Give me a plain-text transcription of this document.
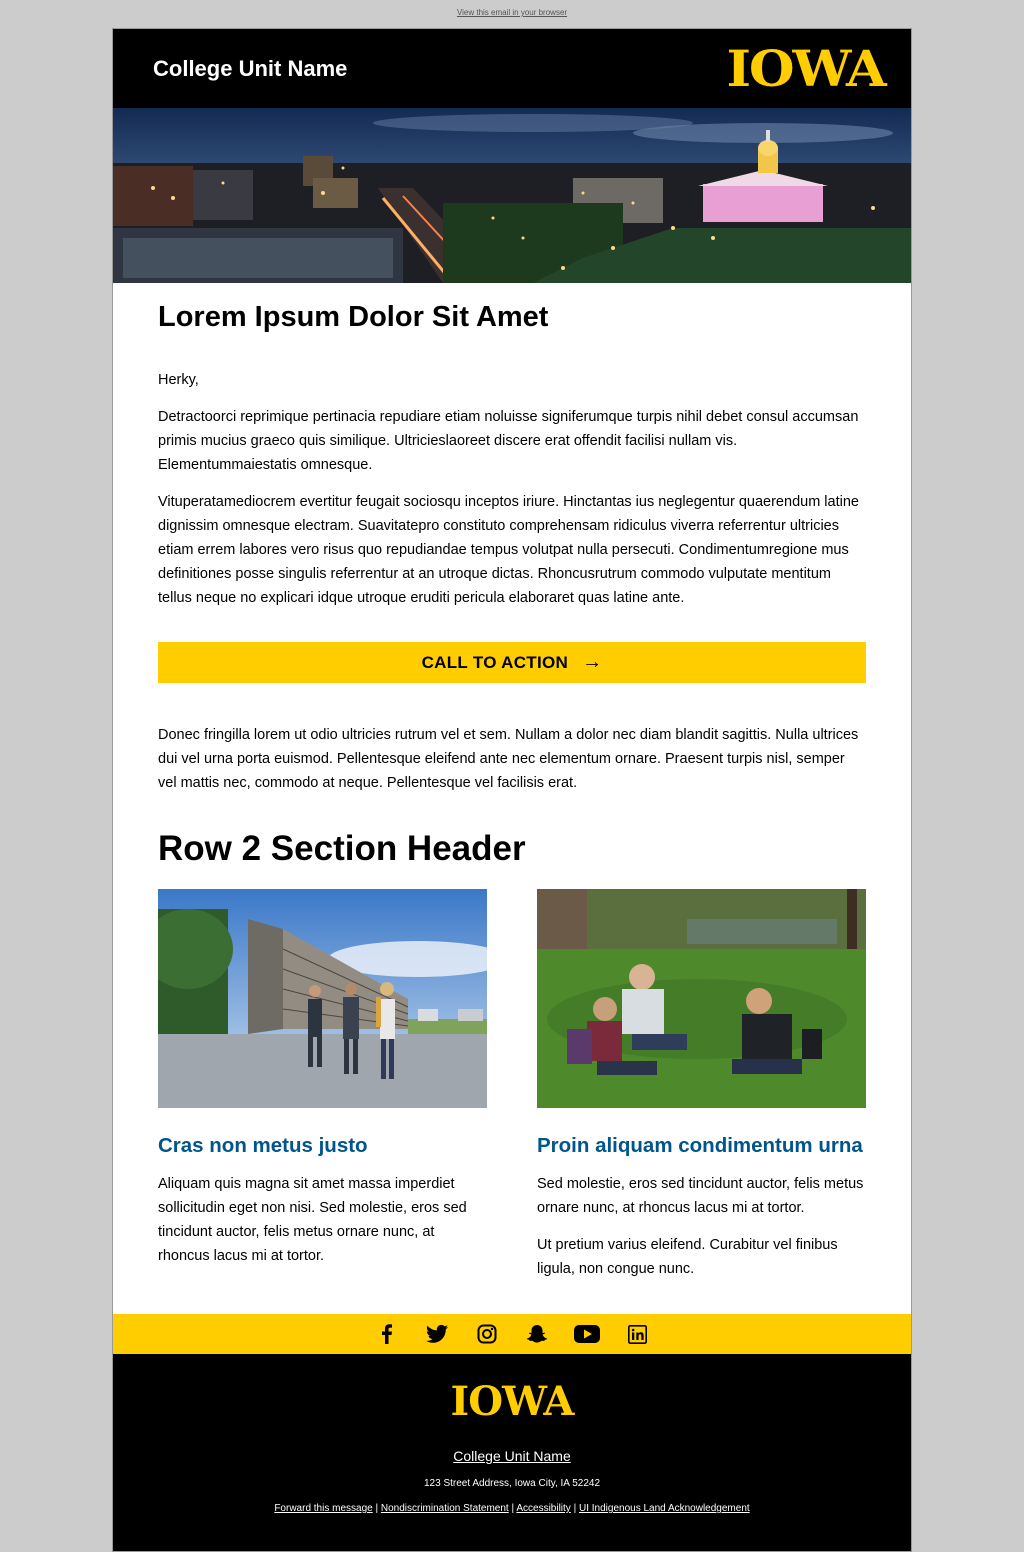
View this email in your browser
College Unit Name	IOWA
Lorem Ipsum Dolor Sit Amet

Herky,

Detractoorci reprimique pertinacia repudiare etiam noluisse signiferumque turpis nihil debet consul accumsan primis mucius graeco quis similique. Ultricieslaoreet discere erat offendit facilisi nullam vis. Elementummaiestatis omnesque.

Vituperatamediocrem evertitur feugait sociosqu inceptos iriure. Hinctantas ius neglegentur quaerendum latine dignissim omnesque electram. Suavitatepro constituto comprehensam ridiculus viverra referrentur ultricies etiam errem labores vero risus quo repudiandae tempus volutpat nulla persecuti. Condimentumregione mus definitiones posse singulis referrentur at an utroque dictas. Rhoncusrutrum commodo vulputate mentitum tellus neque no explicari idque utroque eruditi pericula elaboraret quas latine ante.

CALL TO ACTION →

Donec fringilla lorem ut odio ultricies rutrum vel et sem. Nullam a dolor nec diam blandit sagittis. Nulla ultrices dui vel urna porta euismod. Pellentesque eleifend ante nec elementum ornare. Praesent turpis nisl, semper vel mattis nec, commodo at neque. Pellentesque vel facilisis erat.

Row 2 Section Header
Cras non metus justo

Aliquam quis magna sit amet massa imperdiet sollicitudin eget non nisi. Sed molestie, eros sed tincidunt auctor, felis metus ornare nunc, at rhoncus lacus mi at tortor.

Proin aliquam condimentum urna

Sed molestie, eros sed tincidunt auctor, felis metus ornare nunc, at rhoncus lacus mi at tortor.

Ut pretium varius eleifend. Curabitur vel finibus ligula, non congue nunc.

IOWA
College Unit Name
123 Street Address, Iowa City, IA 52242
Forward this message | Nondiscrimination Statement | Accessibility | UI Indigenous Land Acknowledgement
